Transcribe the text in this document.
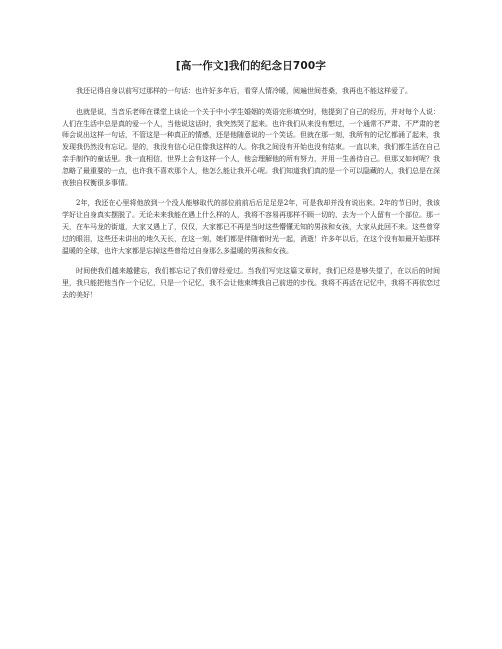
[高一作文]我们的纪念日700字

我还记得自身以前写过那样的一句话：也许好多年后，看穿人情冷暖，阅遍世间苍桑，我再也不能这样爱了。

也就是说，当音乐老师在课堂上谈论一个关于中小学生婚姻的英语完形填空时，他提到了自己的经历，并对每个人说：人们在生活中总是真的爱一个人，当他说这话时，我突然哭了起来。也许我们从来没有想过，一个通常不严肃、不严肃的老师会说出这样一句话，不管这是一种真正的情感，还是他随意说的一个笑话。但就在那一刻，我所有的记忆都涌了起来，我发现我仍然没有忘记。是的，我没有信心记住像我这样的人。你我之间没有开始也没有结束。一直以来，我们都生活在自己亲手制作的童话里。我一直相信，世界上会有这样一个人，他会理解他的所有努力，并用一生善待自己。但那又如何呢？我忽略了最重要的一点，也许我不喜欢那个人，他怎么能让我开心呢。我们知道我们真的是一个可以隐藏的人，我们总是在深夜独自权衡很多事情。

2年，我还在心里将他放到一个没人能够取代的部位前前后后足足是2年，可是我却并没有说出来。2年的节日时，我该学好让自身真实摆脱了。无论未来我能在遇上什么样的人，我将不容易再那样不顾一切的，去为一个人留有一个部位。那一天，在车马龙的街道，大家又遇上了，仅仅，大家都已不再是当时这些懵懂无知的男孩和女孩，大家从此回不来。这些曾穿过的眼泪，这些还未讲出的地久天长，在这一刻，她们都是伴随着时光一起，消逝！许多年以后，在这个没有如最开始那样温暖的全球，也许大家都是忘掉这些曾给过自身那么多温暖的男孩和女孩。

时间使我们越来越健忘，我们都忘记了我们曾经爱过。当我们写完这篇文章时，我们已经是够失望了，在以后的时间里，我只能把他当作一个记忆，只是一个记忆，我不会让他束缚我自己前进的步伐。我将不再活在记忆中，我将不再依恋过去的美好！
